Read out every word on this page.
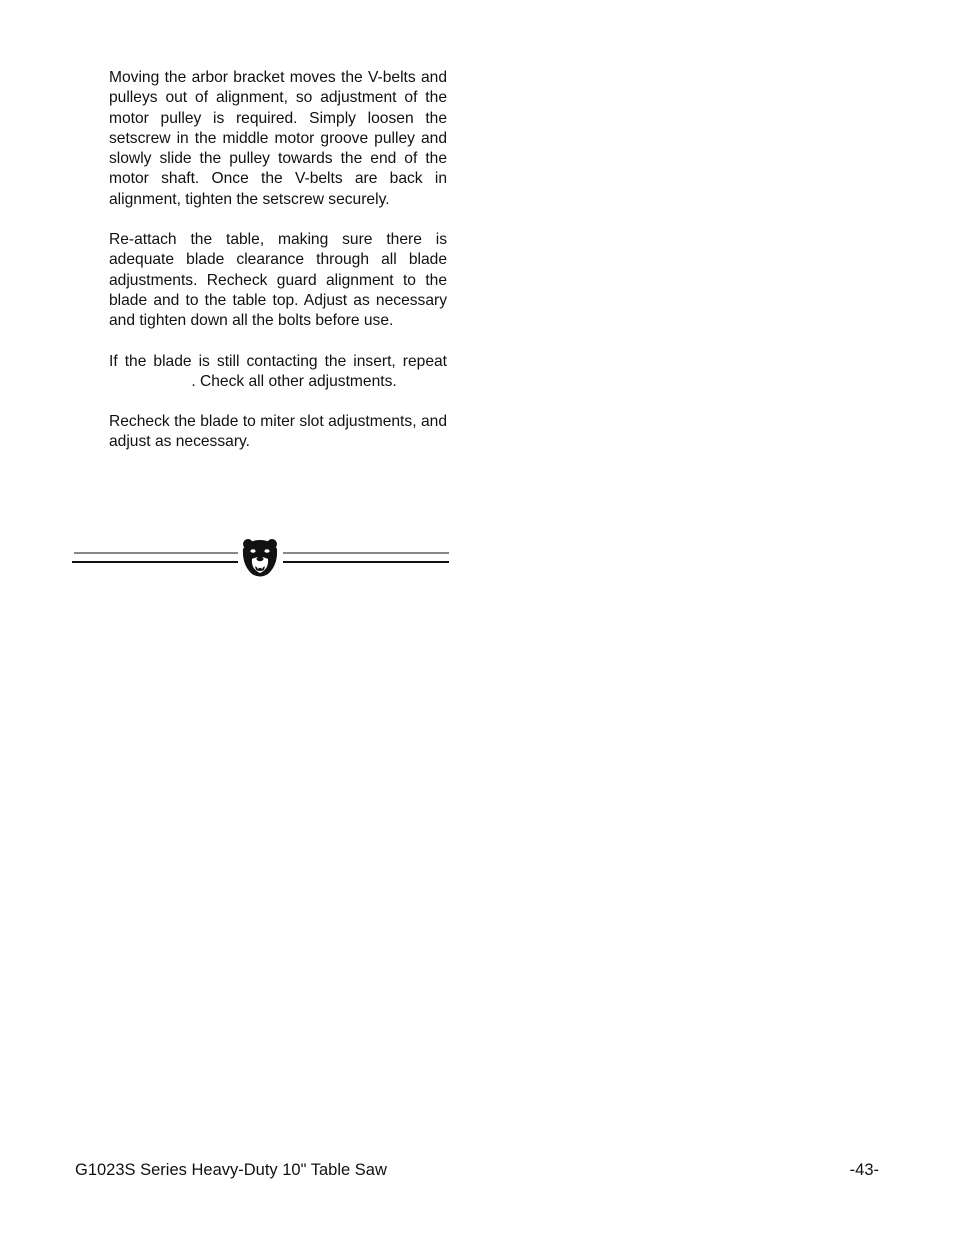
Moving the arbor bracket moves the V-belts and pulleys out of alignment, so adjustment of the motor pulley is required. Simply loosen the setscrew in the middle motor groove pulley and slowly slide the pulley towards the end of the motor shaft. Once the V-belts are back in alignment, tighten the setscrew securely.

Re-attach the table, making sure there is adequate blade clearance through all blade adjustments. Recheck guard alignment to the blade and to the table top. Adjust as necessary and tighten down all the bolts before use.

If the blade is still contacting the insert, repeat                    . Check all other adjustments.

Recheck the blade to miter slot adjustments, and adjust as necessary.

G1023S Series Heavy-Duty 10" Table Saw	-43-
